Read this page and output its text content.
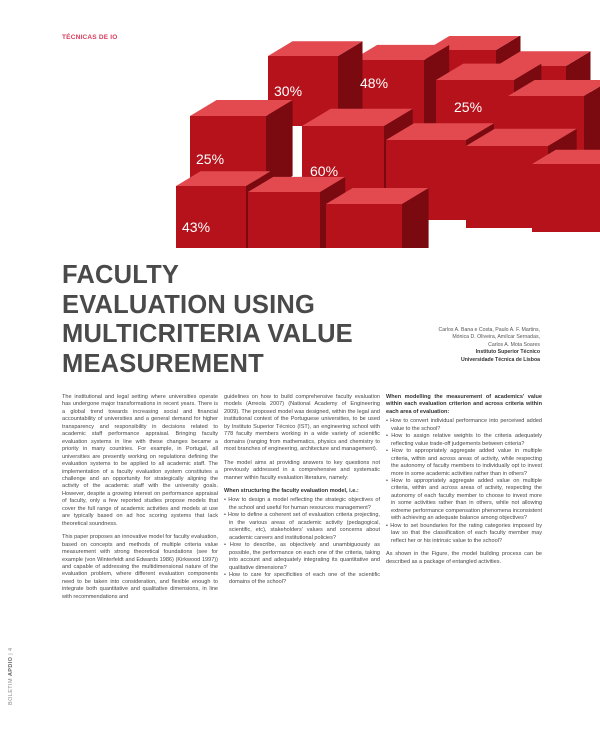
TÉCNICAS DE IO
30%	48%
25%
25%
60%
43%
FACULTY
EVALUATION USING
MULTICRITERIA VALUE
MEASUREMENT
Carlos A. Bana e Costa, Paulo A. F. Martins,
Mónica D. Oliveira, Amílcar Sernadas,
Carlos A. Mota Soares
Instituto Superior Técnico
Universidade Técnica de Lisboa

The institutional and legal setting where universities operate has undergone major transformations in recent years. There is a global trend towards increasing social and financial accountability of universities and a general demand for higher transparency and responsibility in decisions related to academic staff performance appraisal. Bringing faculty evaluation systems in line with these changes became a priority in many countries. For example, in Portugal, all universities are presently working on regulations defining the evaluation systems to be applied to all academic staff. The implementation of a faculty evaluation system constitutes a challenge and an opportunity for strategically aligning the activity of the academic staff with the university goals. However, despite a growing interest on performance appraisal of faculty, only a few reported studies propose models that cover the full range of academic activities and models at use are typically based on ad hoc scoring systems that lack theoretical soundness.

This paper proposes an innovative model for faculty evaluation, based on concepts and methods of multiple criteria value measurement with strong theoretical foundations (see for example (von Winterfeldt and Edwards 1986) (Kirkwood 1997)) and capable of addressing the multidimensional nature of the evaluation problem, where different evaluation components need to be taken into consideration, and flexible enough to integrate both quantitative and qualitative dimensions, in line with recommendations and

guidelines on how to build comprehensive faculty evaluation models (Arreola 2007) (National Academy of Engineering 2009). The proposed model was designed, within the legal and institutional context of the Portuguese universities, to be used by Instituto Superior Técnico (IST), an engineering school with 778 faculty members working in a wide variety of scientific domains (ranging from mathematics, physics and chemistry to most branches of engineering, architecture and management).

The model aims at providing answers to key questions not previously addressed in a comprehensive and systematic manner within faculty evaluation literature, namely:

When structuring the faculty evaluation model, i.e.:

• How to design a model reflecting the strategic objectives of the school and useful for human resources management?
• How to define a coherent set of evaluation criteria projecting, in the various areas of academic activity (pedagogical, scientific, etc), stakeholders' values and concerns about academic careers and institutional policies?
• How to describe, as objectively and unambiguously as possible, the performance on each one of the criteria, taking into account and adequately integrating its quantitative and qualitative dimensions?
• How to care for specificities of each one of the scientific domains of the school?

When modelling the measurement of academics' value within each evaluation criterion and across criteria within each area of evaluation:

• How to convert individual performance into perceived added value to the school?
• How to assign relative weights to the criteria adequately reflecting value trade-off judgements between criteria?
• How to appropriately aggregate added value in multiple criteria, within and across areas of activity, while respecting the autonomy of faculty members to individually opt to invest more in some academic activities rather than in others?
• How to appropriately aggregate added value on multiple criteria, within and across areas of activity, respecting the autonomy of each faculty member to choose to invest more in some activities rather than in others, while not allowing extreme performance compensation phenomena inconsistent with achieving an adequate balance among objectives?
• How to set boundaries for the rating categories imposed by law so that the classification of each faculty member may reflect her or his intrinsic value to the school?

As shown in the Figure, the model building process can be described as a package of entangled activities.

BOLETIM APDIO | 4
